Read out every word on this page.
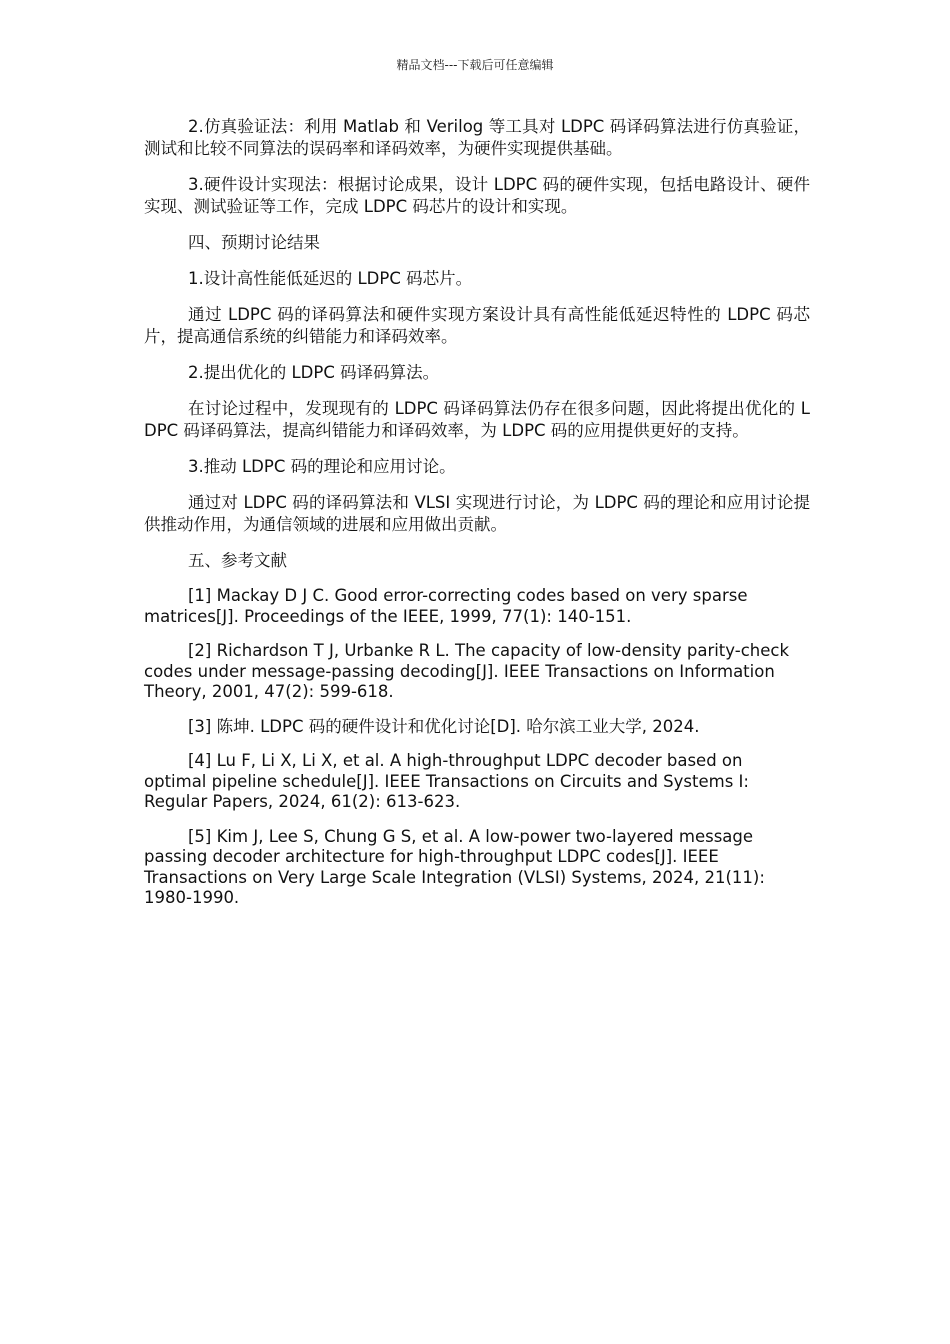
精品文档---下载后可任意编辑

2.仿真验证法：利用 Matlab 和 Verilog 等工具对 LDPC 码译码算法进行仿真验证，测试和比较不同算法的误码率和译码效率，为硬件实现提供基础。

3.硬件设计实现法：根据讨论成果，设计 LDPC 码的硬件实现，包括电路设计、硬件实现、测试验证等工作，完成 LDPC 码芯片的设计和实现。

四、预期讨论结果

1.设计高性能低延迟的 LDPC 码芯片。

通过 LDPC 码的译码算法和硬件实现方案设计具有高性能低延迟特性的 LDPC 码芯片，提高通信系统的纠错能力和译码效率。

2.提出优化的 LDPC 码译码算法。

在讨论过程中，发现现有的 LDPC 码译码算法仍存在很多问题，因此将提出优化的 LDPC 码译码算法，提高纠错能力和译码效率，为 LDPC 码的应用提供更好的支持。

3.推动 LDPC 码的理论和应用讨论。

通过对 LDPC 码的译码算法和 VLSI 实现进行讨论，为 LDPC 码的理论和应用讨论提供推动作用，为通信领域的进展和应用做出贡献。

五、参考文献

[1] Mackay D J C. Good error-correcting codes based on very sparse matrices[J]. Proceedings of the IEEE, 1999, 77(1): 140-151.

[2] Richardson T J, Urbanke R L. The capacity of low-density parity-check codes under message-passing decoding[J]. IEEE Transactions on Information Theory, 2001, 47(2): 599-618.

[3] 陈坤. LDPC 码的硬件设计和优化讨论[D]. 哈尔滨工业大学, 2024.

[4] Lu F, Li X, Li X, et al. A high-throughput LDPC decoder based on optimal pipeline schedule[J]. IEEE Transactions on Circuits and Systems I: Regular Papers, 2024, 61(2): 613-623.

[5] Kim J, Lee S, Chung G S, et al. A low-power two-layered message passing decoder architecture for high-throughput LDPC codes[J]. IEEE Transactions on Very Large Scale Integration (VLSI) Systems, 2024, 21(11): 1980-1990.
